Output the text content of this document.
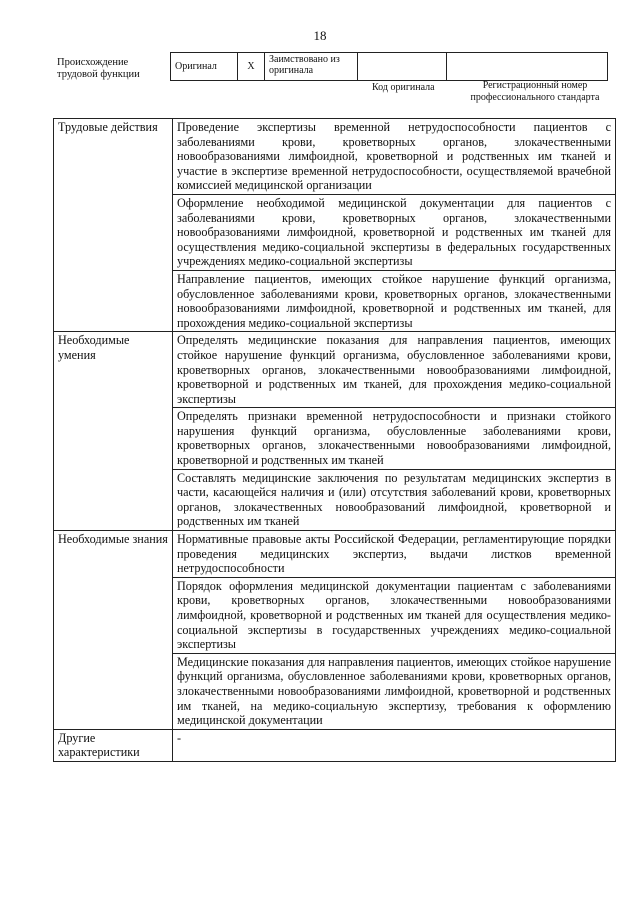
18
Происхождение трудовой функции
Оригинал	X	Заимствовано из оригинала		
Код оригинала	Регистрационный номер профессионального стандарта
Трудовые действия	Проведение экспертизы временной нетрудоспособности пациентов с заболеваниями крови, кроветворных органов, злокачественными новообразованиями лимфоидной, кроветворной и родственных им тканей и участие в экспертизе временной нетрудоспособности, осуществляемой врачебной комиссией медицинской организации
	Оформление необходимой медицинской документации для пациентов с заболеваниями крови, кроветворных органов, злокачественными новообразованиями лимфоидной, кроветворной и родственных им тканей для осуществления медико-социальной экспертизы в федеральных государственных учреждениях медико-социальной экспертизы
	Направление пациентов, имеющих стойкое нарушение функций организма, обусловленное заболеваниями крови, кроветворных органов, злокачественными новообразованиями лимфоидной, кроветворной и родственных им тканей, для прохождения медико-социальной экспертизы
Необходимые умения	Определять медицинские показания для направления пациентов, имеющих стойкое нарушение функций организма, обусловленное заболеваниями крови, кроветворных органов, злокачественными новообразованиями лимфоидной, кроветворной и родственных им тканей, для прохождения медико-социальной экспертизы
	Определять признаки временной нетрудоспособности и признаки стойкого нарушения функций организма, обусловленные заболеваниями крови, кроветворных органов, злокачественными новообразованиями лимфоидной, кроветворной и родственных им тканей
	Составлять медицинские заключения по результатам медицинских экспертиз в части, касающейся наличия и (или) отсутствия заболеваний крови, кроветворных органов, злокачественных новообразований лимфоидной, кроветворной и родственных им тканей
Необходимые знания	Нормативные правовые акты Российской Федерации, регламентирующие порядки проведения медицинских экспертиз, выдачи листков временной нетрудоспособности
	Порядок оформления медицинской документации пациентам с заболеваниями крови, кроветворных органов, злокачественными новообразованиями лимфоидной, кроветворной и родственных им тканей для осуществления медико-социальной экспертизы в государственных учреждениях медико-социальной экспертизы
	Медицинские показания для направления пациентов, имеющих стойкое нарушение функций организма, обусловленное заболеваниями крови, кроветворных органов, злокачественными новообразованиями лимфоидной, кроветворной и родственных им тканей, на медико-социальную экспертизу, требования к оформлению медицинской документации
Другие характеристики	-
